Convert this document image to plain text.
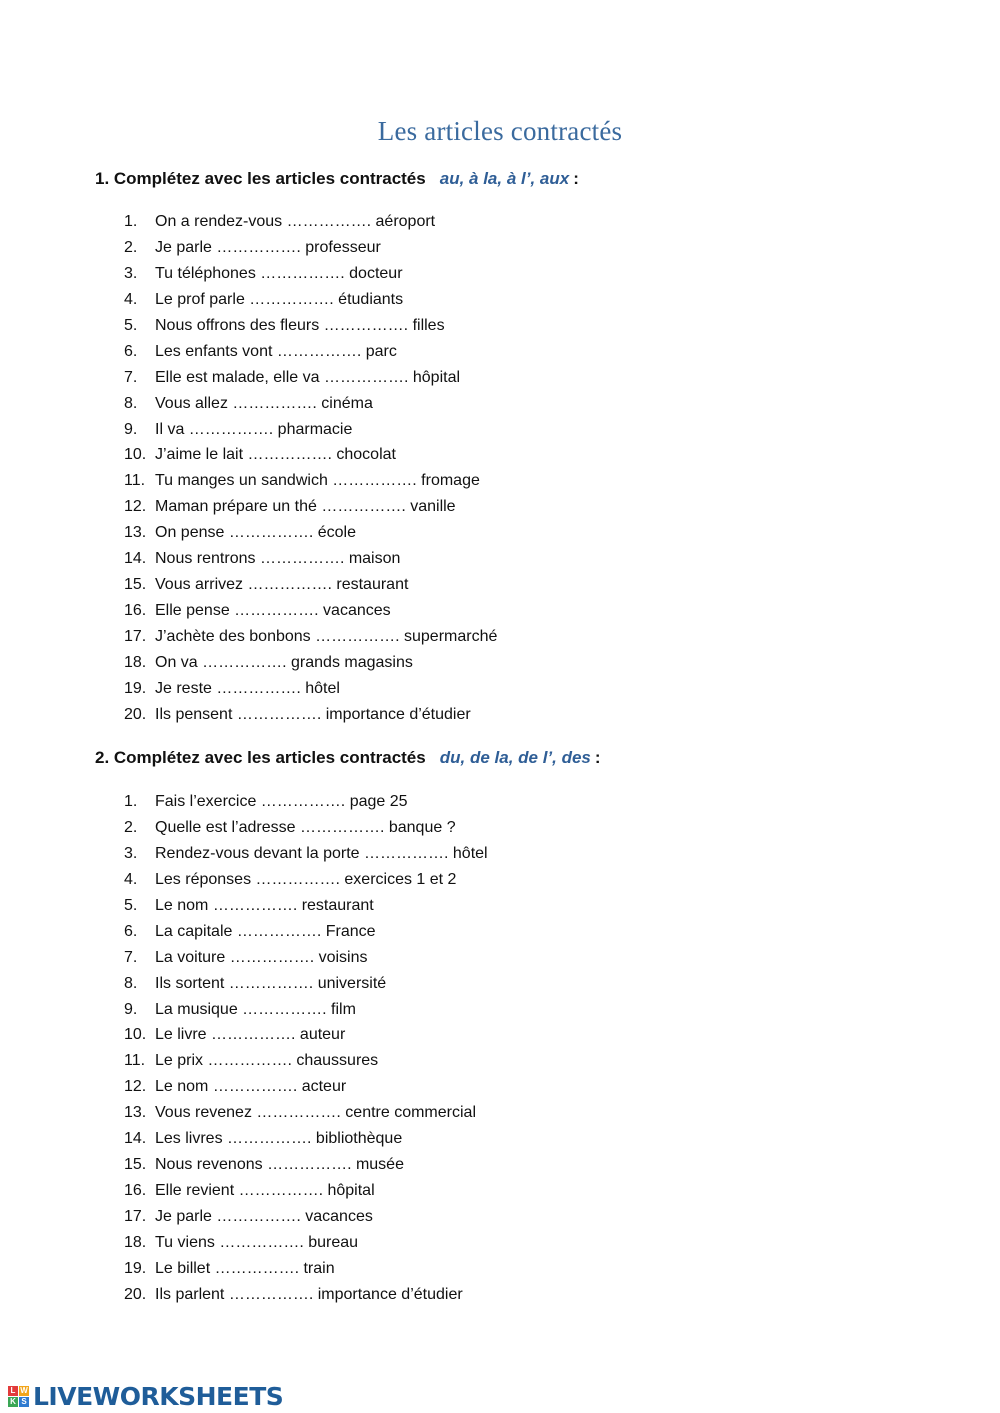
Les articles contractés
1. Complétez avec les articles contractés au, à la, à l’, aux :
1.	On a rendez-vous ……………. aéroport
2.	Je parle ……………. professeur
3.	Tu téléphones ……………. docteur
4.	Le prof parle ……………. étudiants
5.	Nous offrons des fleurs ……………. filles
6.	Les enfants vont ……………. parc
7.	Elle est malade, elle va ……………. hôpital
8.	Vous allez ……………. cinéma
9.	Il va ……………. pharmacie
10. J’aime le lait ……………. chocolat
11. Tu manges un sandwich ……………. fromage
12. Maman prépare un thé ……………. vanille
13. On pense ……………. école
14. Nous rentrons ……………. maison
15. Vous arrivez ……………. restaurant
16. Elle pense ……………. vacances
17. J’achète des bonbons ……………. supermarché
18. On va ……………. grands magasins
19. Je reste ……………. hôtel
20. Ils pensent ……………. importance d’étudier
2. Complétez avec les articles contractés du, de la, de l’, des :
1.	Fais l’exercice ……………. page 25
2.	Quelle est l’adresse ……………. banque ?
3.	Rendez-vous devant la porte ……………. hôtel
4.	Les réponses ……………. exercices 1 et 2
5.	Le nom ……………. restaurant
6.	La capitale ……………. France
7.	La voiture ……………. voisins
8.	Ils sortent ……………. université
9.	La musique ……………. film
10. Le livre ……………. auteur
11. Le prix ……………. chaussures
12. Le nom ……………. acteur
13. Vous revenez ……………. centre commercial
14. Les livres ……………. bibliothèque
15. Nous revenons ……………. musée
16. Elle revient ……………. hôpital
17. Je parle ……………. vacances
18. Tu viens ……………. bureau
19. Le billet ……………. train
20. Ils parlent ……………. importance d’étudier
L W
K S LIVEWORKSHEETS
